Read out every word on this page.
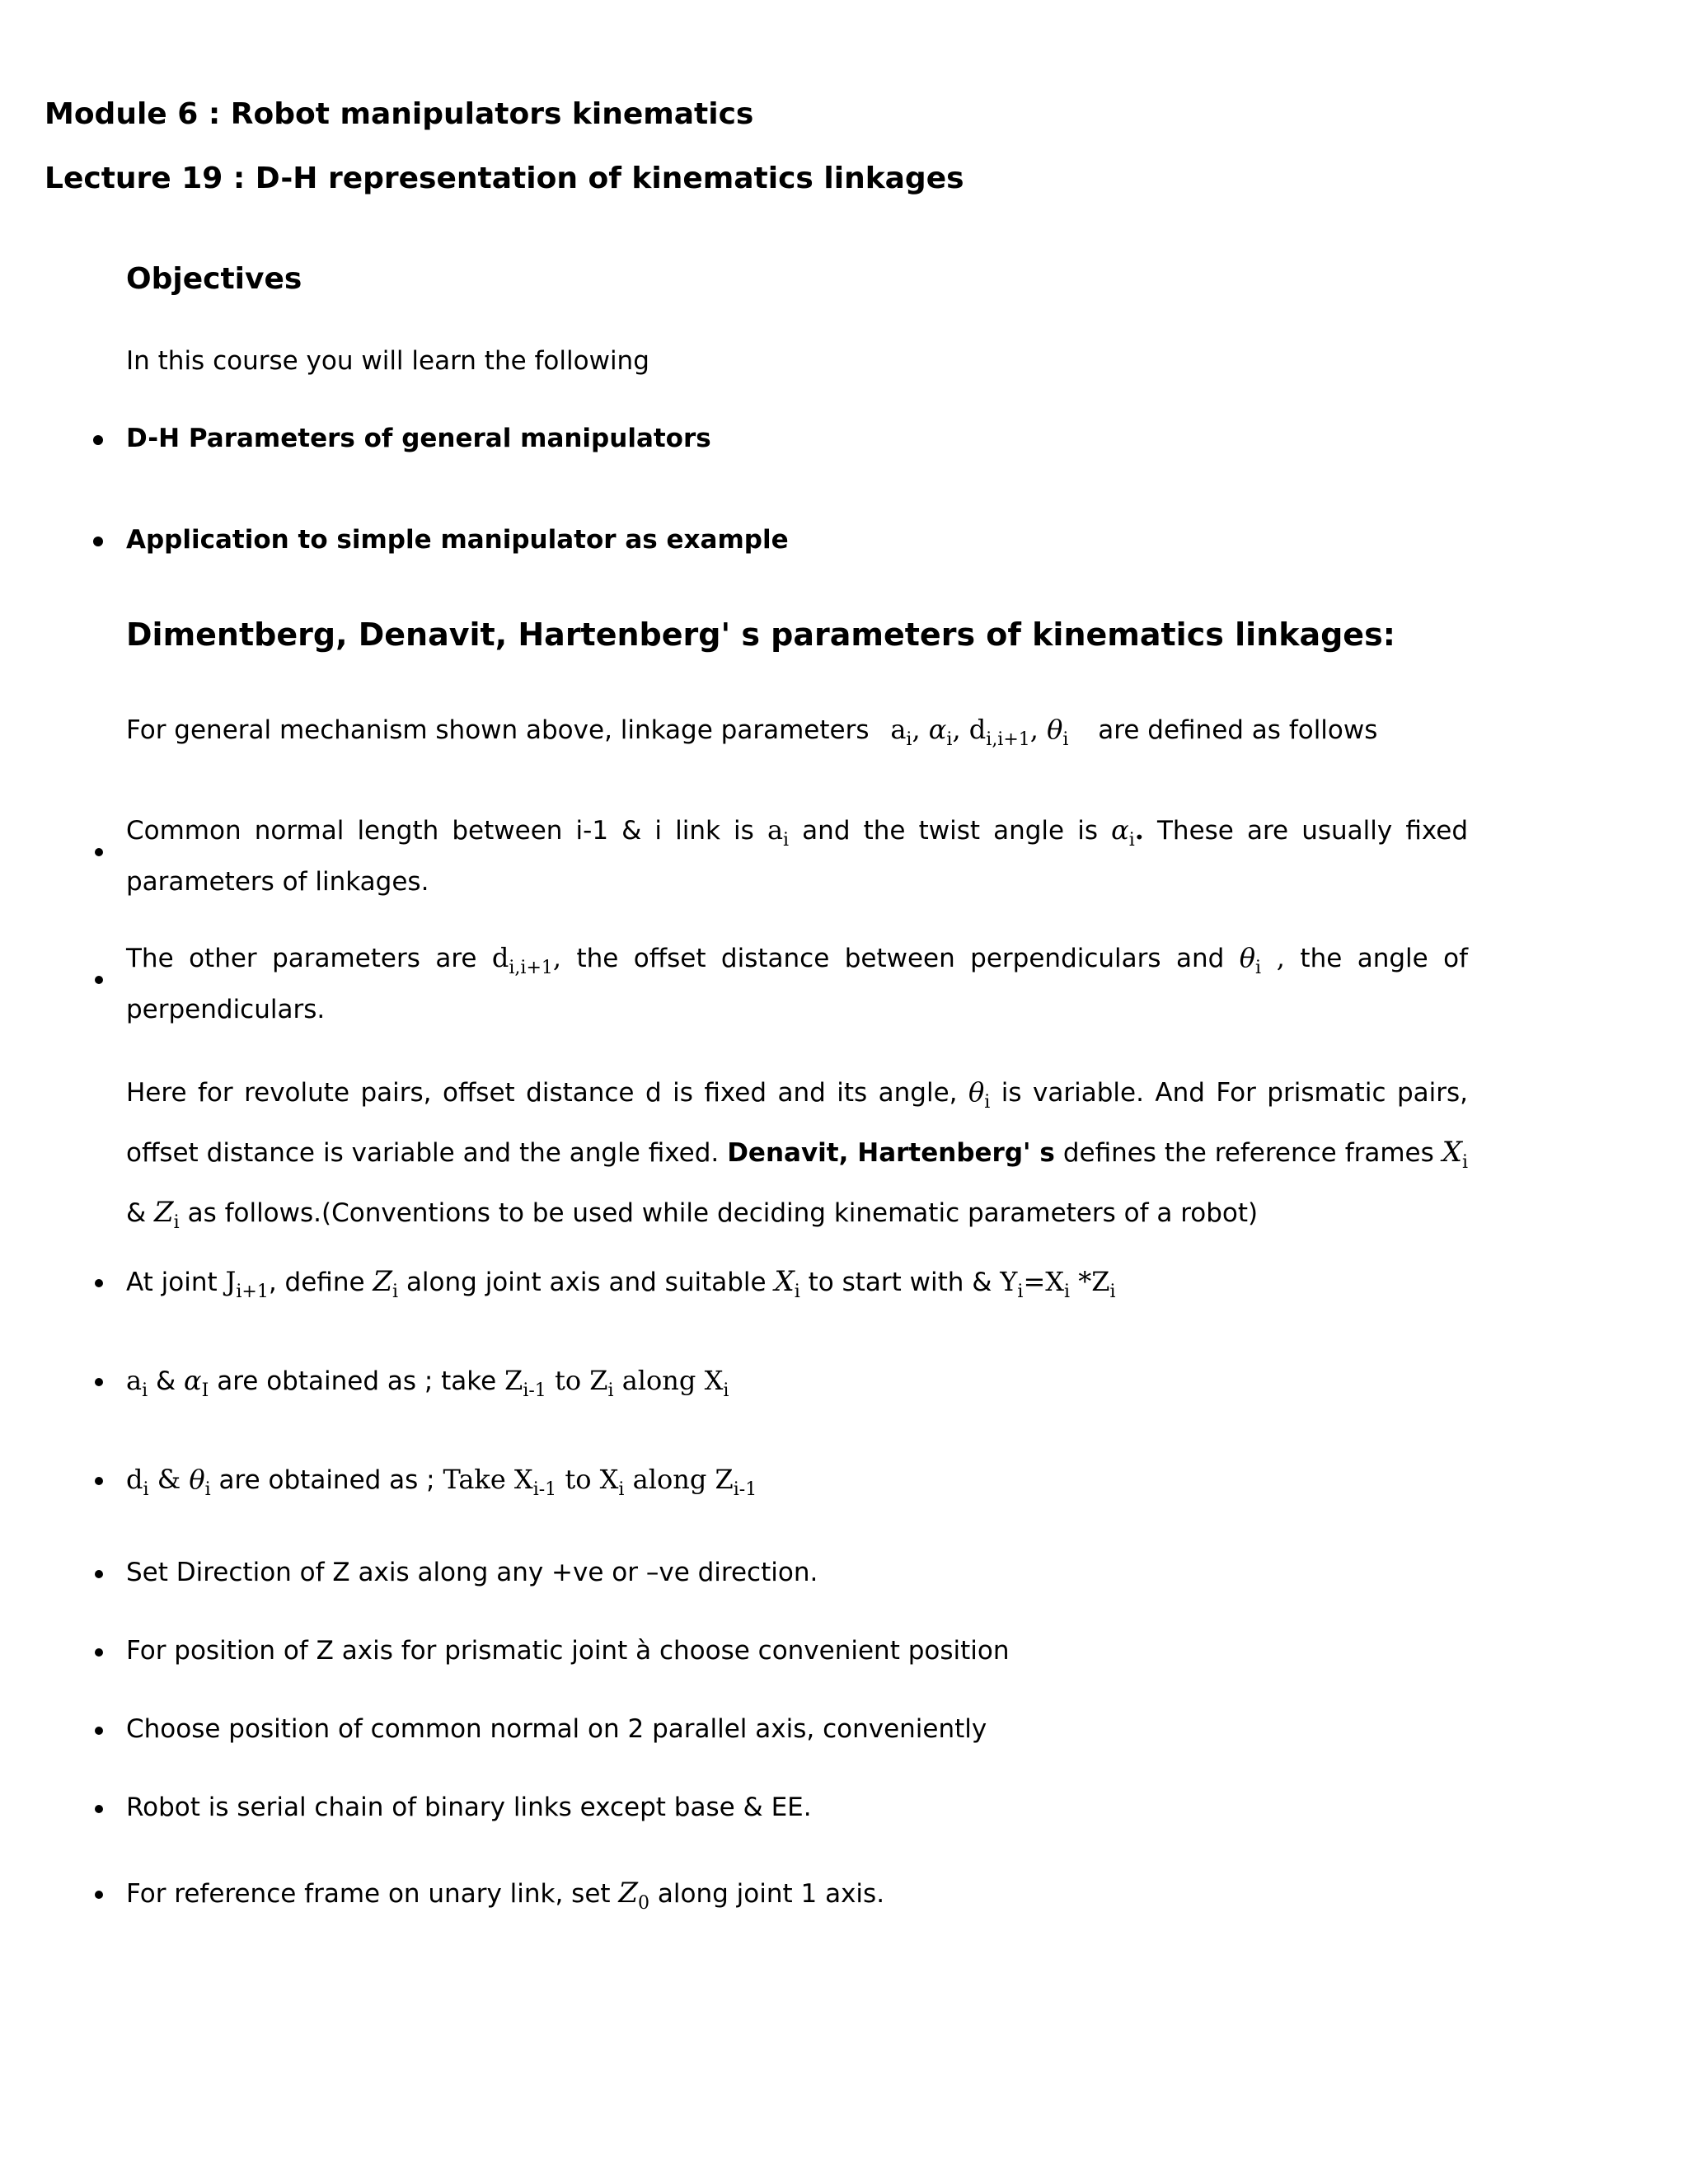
Module 6 : Robot manipulators kinematics
Lecture 19 : D-H representation of kinematics linkages
Objectives

In this course you will learn the following

D-H Parameters of general manipulators
Application to simple manipulator as example
Dimentberg, Denavit, Hartenberg' s parameters of kinematics linkages:

For general mechanism shown above, linkage parameters $a_i$, $\alpha_i$, $d_{i,i+1}$, $\theta_i$ are defined as follows

Common normal length between i-1 & i link is $a_i$ and the twist angle is $\alpha_i$. These are usually fixed parameters of linkages.
The other parameters are $d_{i,i+1}$, the offset distance between perpendiculars and $\theta_i$ , the angle of perpendiculars.

Here for revolute pairs, offset distance d is fixed and its angle, $\theta_i$ is variable. And For prismatic pairs, offset distance is variable and the angle fixed. Denavit, Hartenberg' s defines the reference frames $X_i$ & $Z_i$ as follows.(Conventions to be used while deciding kinematic parameters of a robot)

At joint $J_{i+1}$, define $Z_i$ along joint axis and suitable $X_i$ to start with & $Y_i=X_i$ $*Z_i$
$a_i$ & $\alpha_I$ are obtained as ; take $Z_{i-1}$ to $Z_i$ along $X_i$
$d_i$ & $\theta_i$ are obtained as ; Take $X_{i-1}$ to $X_i$ along $Z_{i-1}$
Set Direction of Z axis along any +ve or –ve direction.
For position of Z axis for prismatic joint à choose convenient position
Choose position of common normal on 2 parallel axis, conveniently
Robot is serial chain of binary links except base & EE.
For reference frame on unary link, set $Z_0$ along joint 1 axis.
